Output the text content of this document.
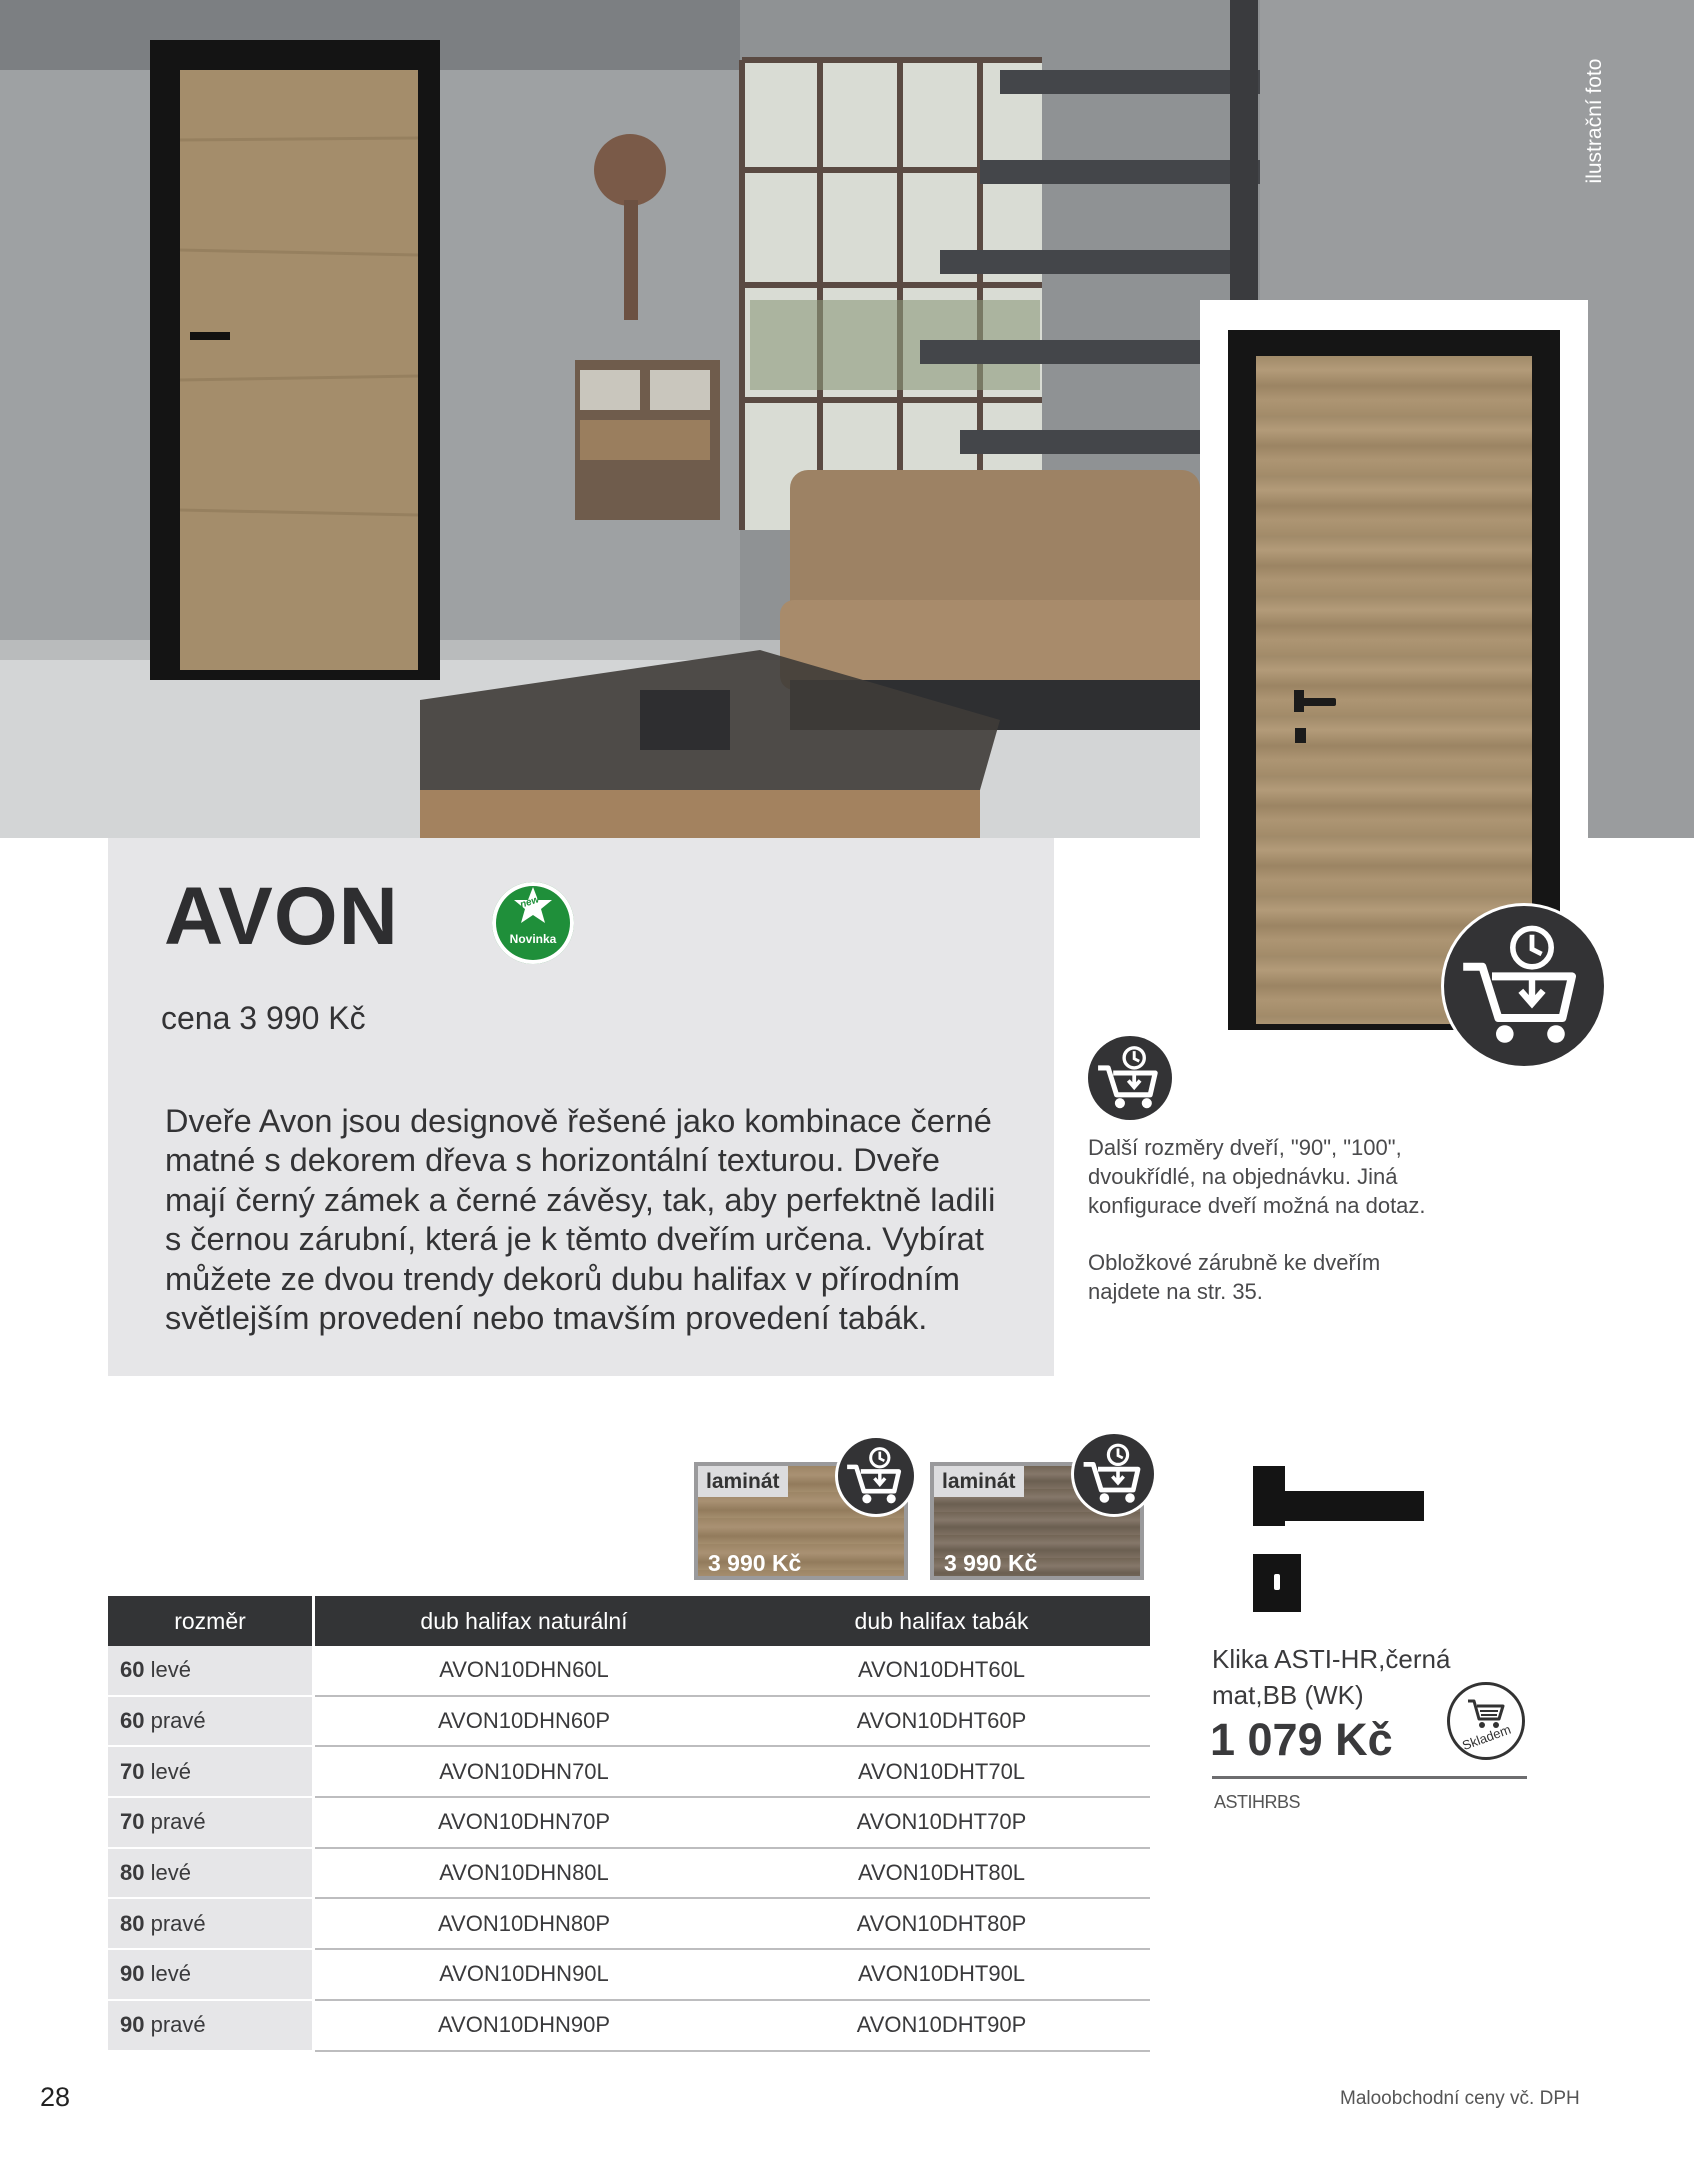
ilustrační foto
AVON	new
Novinka
cena 3 990 Kč
Dveře Avon jsou designově řešené jako kombinace černé matné s dekorem dřeva s horizontální texturou. Dveře mají černý zámek a černé závěsy, tak, aby perfektně ladili s černou zárubní, která je k těmto dveřím určena. Vybírat můžete ze dvou trendy dekorů dubu halifax v přírodním světlejším provedení nebo tmavším provedení tabák.

Další rozměry dveří, "90", "100", dvoukřídlé, na objednávku. Jiná konfigurace dveří možná na dotaz.

Obložkové zárubně ke dveřím najdete na str. 35.

laminát
3 990 Kč
laminát
3 990 Kč
rozměr	dub halifax naturální	dub halifax tabák
60 levé	AVON10DHN60L	AVON10DHT60L
60 pravé	AVON10DHN60P	AVON10DHT60P
70 levé	AVON10DHN70L	AVON10DHT70L
70 pravé	AVON10DHN70P	AVON10DHT70P
80 levé	AVON10DHN80L	AVON10DHT80L
80 pravé	AVON10DHN80P	AVON10DHT80P
90 levé	AVON10DHN90L	AVON10DHT90L
90 pravé	AVON10DHN90P	AVON10DHT90P
Klika ASTI-HR,černá mat,BB (WK)
1 079 Kč
ASTIHRBS
Skladem
28	Maloobchodní ceny vč. DPH
